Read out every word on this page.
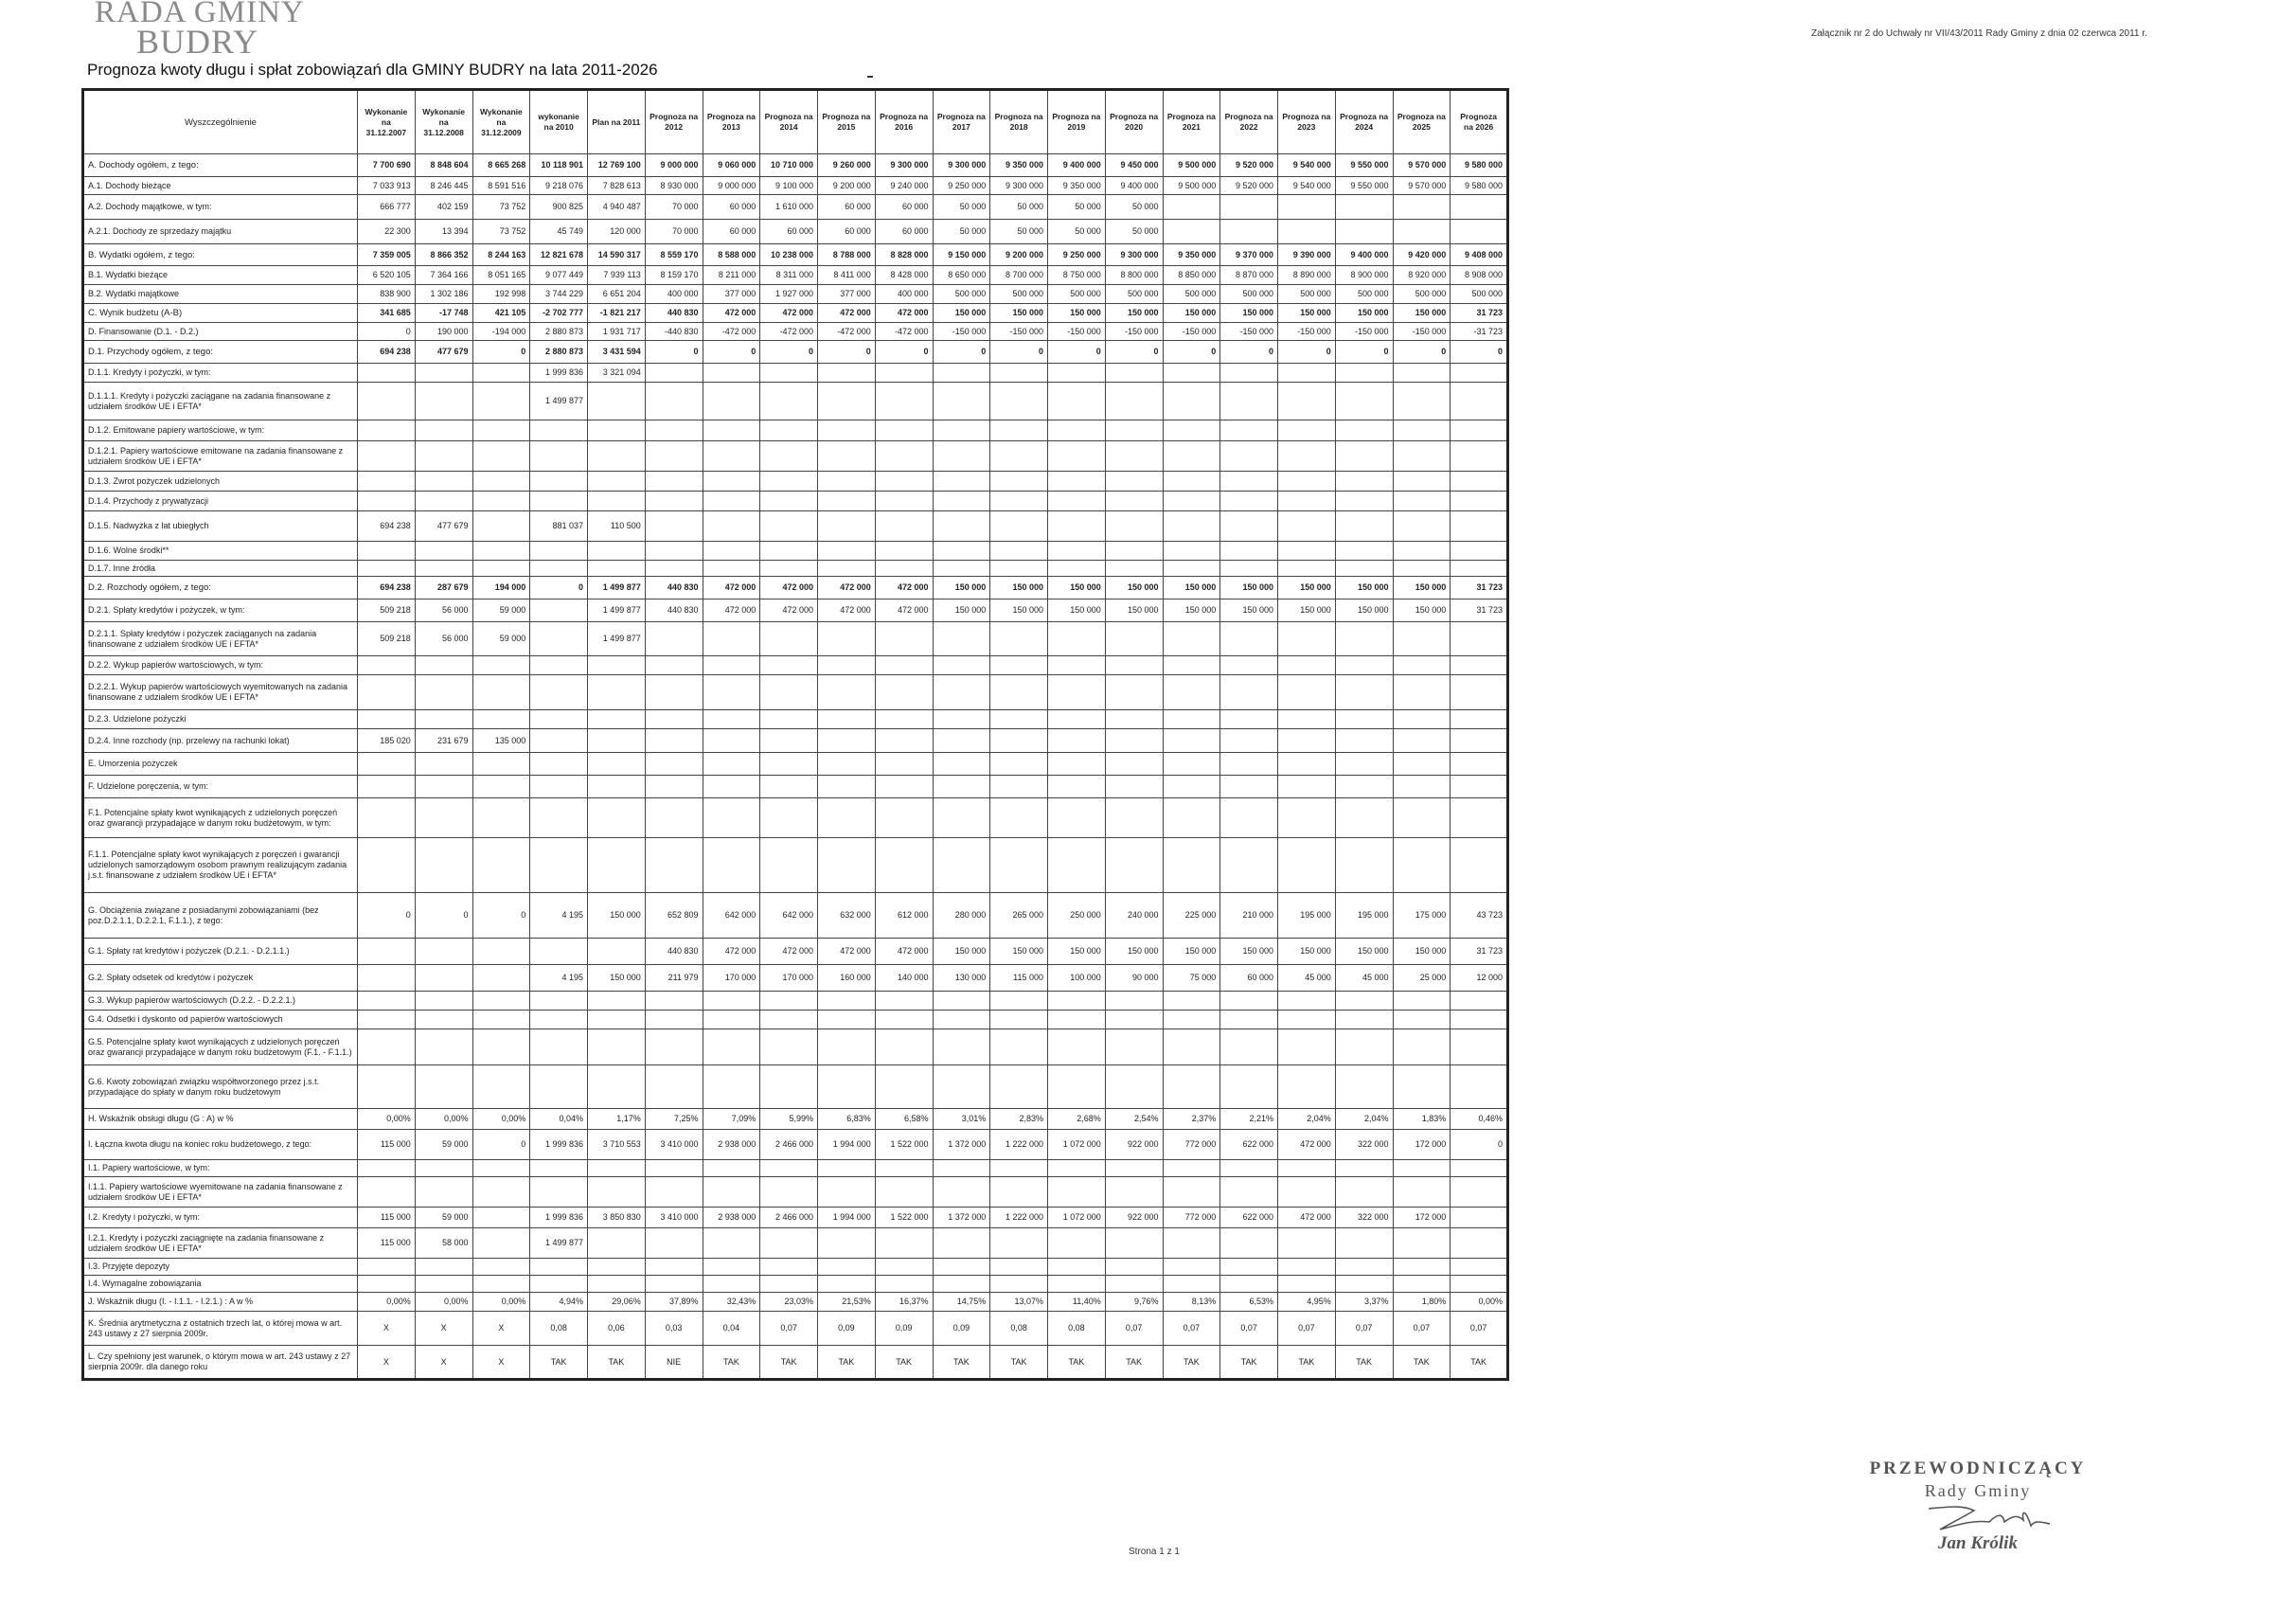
RADA GMINY
BUDRY
Prognoza kwoty długu i spłat zobowiązań dla GMINY BUDRY na lata 2011-2026
Załącznik nr 2 do Uchwały nr VII/43/2011 Rady Gminy z dnia 02 czerwca 2011 r.
Wyszczególnienie	Wykonanie na 31.12.2007	Wykonanie na 31.12.2008	Wykonanie na 31.12.2009	wykonanie na 2010	Plan na 2011	Prognoza na 2012	Prognoza na 2013	Prognoza na 2014	Prognoza na 2015	Prognoza na 2016	Prognoza na 2017	Prognoza na 2018	Prognoza na 2019	Prognoza na 2020	Prognoza na 2021	Prognoza na 2022	Prognoza na 2023	Prognoza na 2024	Prognoza na 2025	Prognoza na 2026
A. Dochody ogółem, z tego:	7 700 690	8 848 604	8 665 268	10 118 901	12 769 100	9 000 000	9 060 000	10 710 000	9 260 000	9 300 000	9 300 000	9 350 000	9 400 000	9 450 000	9 500 000	9 520 000	9 540 000	9 550 000	9 570 000	9 580 000
A.1. Dochody bieżące	7 033 913	8 246 445	8 591 516	9 218 076	7 828 613	8 930 000	9 000 000	9 100 000	9 200 000	9 240 000	9 250 000	9 300 000	9 350 000	9 400 000	9 500 000	9 520 000	9 540 000	9 550 000	9 570 000	9 580 000
A.2. Dochody majątkowe, w tym:	666 777	402 159	73 752	900 825	4 940 487	70 000	60 000	1 610 000	60 000	60 000	50 000	50 000	50 000	50 000						
A.2.1. Dochody ze sprzedaży majątku	22 300	13 394	73 752	45 749	120 000	70 000	60 000	60 000	60 000	60 000	50 000	50 000	50 000	50 000						
B. Wydatki ogółem, z tego:	7 359 005	8 866 352	8 244 163	12 821 678	14 590 317	8 559 170	8 588 000	10 238 000	8 788 000	8 828 000	9 150 000	9 200 000	9 250 000	9 300 000	9 350 000	9 370 000	9 390 000	9 400 000	9 420 000	9 408 000
B.1. Wydatki bieżące	6 520 105	7 364 166	8 051 165	9 077 449	7 939 113	8 159 170	8 211 000	8 311 000	8 411 000	8 428 000	8 650 000	8 700 000	8 750 000	8 800 000	8 850 000	8 870 000	8 890 000	8 900 000	8 920 000	8 908 000
B.2. Wydatki majątkowe	838 900	1 302 186	192 998	3 744 229	6 651 204	400 000	377 000	1 927 000	377 000	400 000	500 000	500 000	500 000	500 000	500 000	500 000	500 000	500 000	500 000	500 000
C. Wynik budżetu (A-B)	341 685	-17 748	421 105	-2 702 777	-1 821 217	440 830	472 000	472 000	472 000	472 000	150 000	150 000	150 000	150 000	150 000	150 000	150 000	150 000	150 000	31 723
D. Finansowanie (D.1. - D.2.)	0	190 000	-194 000	2 880 873	1 931 717	-440 830	-472 000	-472 000	-472 000	-472 000	-150 000	-150 000	-150 000	-150 000	-150 000	-150 000	-150 000	-150 000	-150 000	-31 723
D.1. Przychody ogółem, z tego:	694 238	477 679	0	2 880 873	3 431 594	0	0	0	0	0	0	0	0	0	0	0	0	0	0	0
D.1.1. Kredyty i pożyczki, w tym:				1 999 836	3 321 094															
D.1.1.1. Kredyty i pożyczki zaciągane na zadania finansowane z udziałem środków UE i EFTA*				1 499 877																
D.1.2. Emitowane papiery wartościowe, w tym:																				
D.1.2.1. Papiery wartościowe emitowane na zadania finansowane z udziałem środków UE i EFTA*																				
D.1.3. Zwrot pożyczek udzielonych																				
D.1.4. Przychody z prywatyzacji																				
D.1.5. Nadwyżka z lat ubiegłych	694 238	477 679		881 037	110 500															
D.1.6. Wolne środki**																				
D.1.7. Inne źródła																				
D.2. Rozchody ogółem, z tego:	694 238	287 679	194 000	0	1 499 877	440 830	472 000	472 000	472 000	472 000	150 000	150 000	150 000	150 000	150 000	150 000	150 000	150 000	150 000	31 723
D.2.1. Spłaty kredytów i pożyczek, w tym:	509 218	56 000	59 000		1 499 877	440 830	472 000	472 000	472 000	472 000	150 000	150 000	150 000	150 000	150 000	150 000	150 000	150 000	150 000	31 723
D.2.1.1. Spłaty kredytów i pożyczek zaciąganych na zadania finansowane z udziałem środków UE i EFTA*	509 218	56 000	59 000		1 499 877															
D.2.2. Wykup papierów wartościowych, w tym:																				
D.2.2.1. Wykup papierów wartościowych wyemitowanych na zadania finansowane z udziałem środków UE i EFTA*																				
D.2.3. Udzielone pożyczki																				
D.2.4. Inne rozchody (np. przelewy na rachunki lokat)	185 020	231 679	135 000																	
E. Umorzenia pożyczek																				
F. Udzielone poręczenia, w tym:																				
F.1. Potencjalne spłaty kwot wynikających z udzielonych poręczeń oraz gwarancji przypadające w danym roku budżetowym, w tym:																				
F.1.1. Potencjalne spłaty kwot wynikających z poręczeń i gwarancji udzielonych samorządowym osobom prawnym realizującym zadania j.s.t. finansowane z udziałem środków UE i EFTA*																				
G. Obciążenia związane z posiadanymi zobowiązaniami (bez poz.D.2.1.1, D.2.2.1, F.1.1.), z tego:	0	0	0	4 195	150 000	652 809	642 000	642 000	632 000	612 000	280 000	265 000	250 000	240 000	225 000	210 000	195 000	195 000	175 000	43 723
G.1. Spłaty rat kredytów i pożyczek (D.2.1. - D.2.1.1.)						440 830	472 000	472 000	472 000	472 000	150 000	150 000	150 000	150 000	150 000	150 000	150 000	150 000	150 000	31 723
G.2. Spłaty odsetek od kredytów i pożyczek				4 195	150 000	211 979	170 000	170 000	160 000	140 000	130 000	115 000	100 000	90 000	75 000	60 000	45 000	45 000	25 000	12 000
G.3. Wykup papierów wartościowych (D.2.2. - D.2.2.1.)																				
G.4. Odsetki i dyskonto od papierów wartościowych																				
G.5. Potencjalne spłaty kwot wynikających z udzielonych poręczeń oraz gwarancji przypadające w danym roku budżetowym (F.1. - F.1.1.)																				
G.6. Kwoty zobowiązań związku współtworzonego przez j.s.t. przypadające do spłaty w danym roku budżetowym																				
H. Wskaźnik obsługi długu (G : A) w %	0,00%	0,00%	0,00%	0,04%	1,17%	7,25%	7,09%	5,99%	6,83%	6,58%	3,01%	2,83%	2,68%	2,54%	2,37%	2,21%	2,04%	2,04%	1,83%	0,46%
I. Łączna kwota długu na koniec roku budżetowego, z tego:	115 000	59 000	0	1 999 836	3 710 553	3 410 000	2 938 000	2 466 000	1 994 000	1 522 000	1 372 000	1 222 000	1 072 000	922 000	772 000	622 000	472 000	322 000	172 000	0
I.1. Papiery wartościowe, w tym:																				
I.1.1. Papiery wartościowe wyemitowane na zadania finansowane z udziałem środków UE i EFTA*																				
I.2. Kredyty i pożyczki, w tym:	115 000	59 000		1 999 836	3 850 830	3 410 000	2 938 000	2 466 000	1 994 000	1 522 000	1 372 000	1 222 000	1 072 000	922 000	772 000	622 000	472 000	322 000	172 000	
I.2.1. Kredyty i pożyczki zaciągnięte na zadania finansowane z udziałem środków UE i EFTA*	115 000	58 000		1 499 877																
I.3. Przyjęte depozyty																				
I.4. Wymagalne zobowiązania																				
J. Wskaźnik długu (I. - I.1.1. - I.2.1.) : A w %	0,00%	0,00%	0,00%	4,94%	29,06%	37,89%	32,43%	23,03%	21,53%	16,37%	14,75%	13,07%	11,40%	9,76%	8,13%	6,53%	4,95%	3,37%	1,80%	0,00%
K. Średnia arytmetyczna z ostatnich trzech lat, o której mowa w art. 243 ustawy z 27 sierpnia 2009r.	X	X	X	0,08	0,06	0,03	0,04	0,07	0,09	0,09	0,09	0,08	0,08	0,07	0,07	0,07	0,07	0,07	0,07	0,07
L. Czy spełniony jest warunek, o którym mowa w art. 243 ustawy z 27 sierpnia 2009r. dla danego roku	X	X	X	TAK	TAK	NIE	TAK	TAK	TAK	TAK	TAK	TAK	TAK	TAK	TAK	TAK	TAK	TAK	TAK	TAK
Strona 1 z 1
PRZEWODNICZĄCY
Rady Gminy
Jan Królik
